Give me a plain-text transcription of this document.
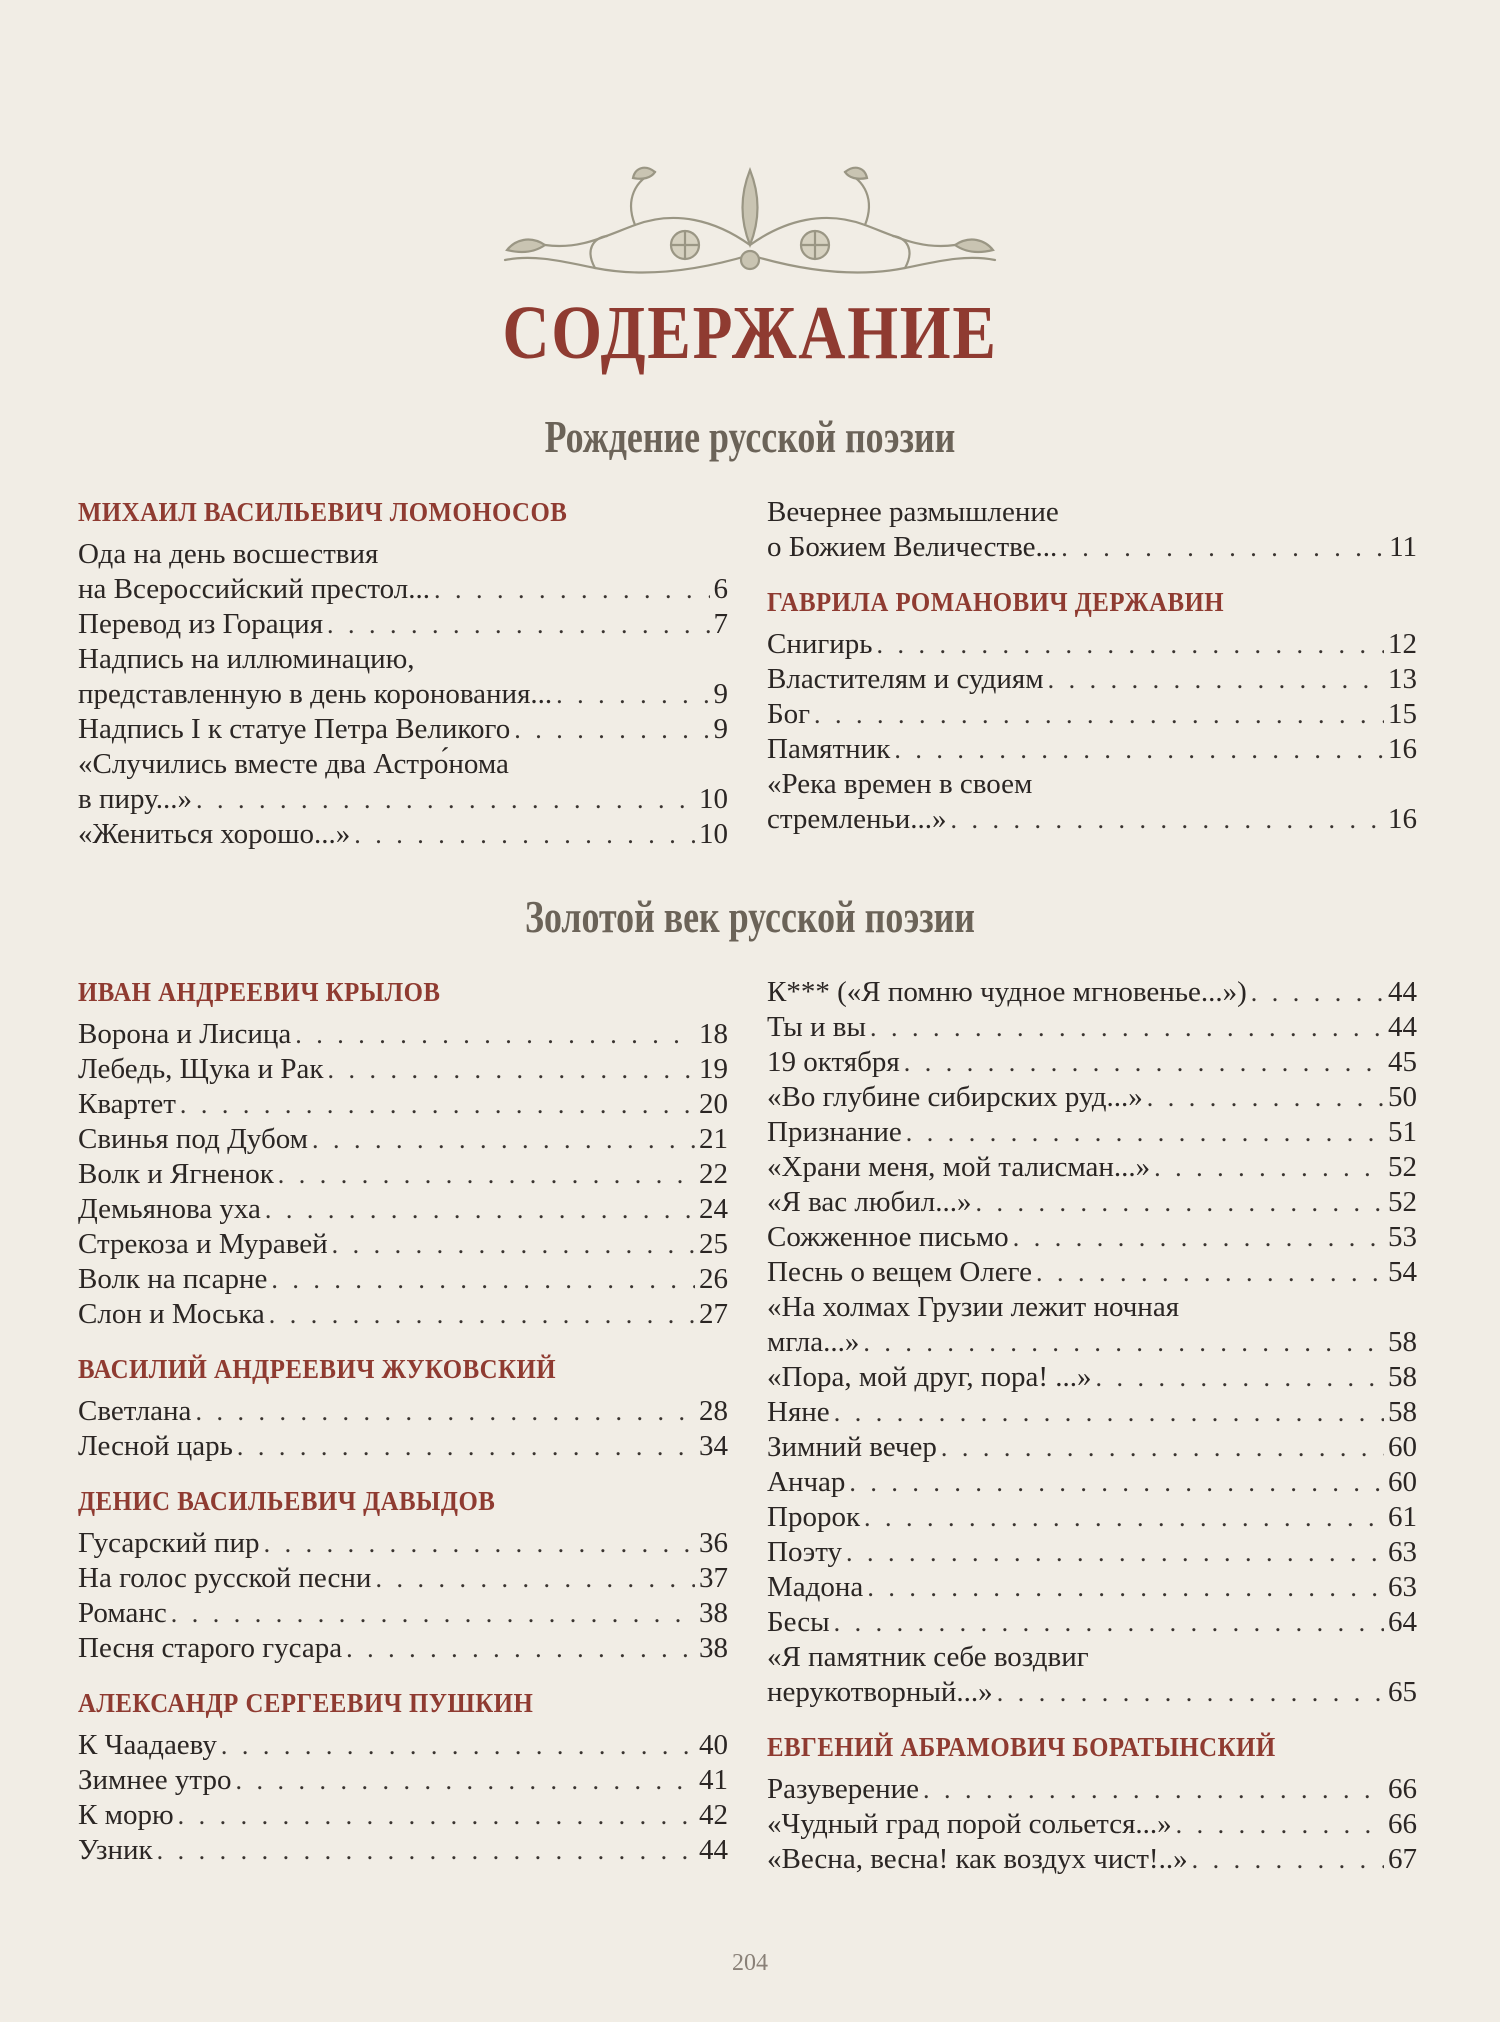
СОДЕРЖАНИЕ
Рождение русской поэзии
МИХАИЛ ВАСИЛЬЕВИЧ ЛОМОНОСОВ
Ода на день восшествия
на Всероссийский престол... . . .	6
Перевод из Горация . . .	7
Надпись на иллюминацию,
представленную в день коронования... . . .	9
Надпись I к статуе Петра Великого . . .	9
«Случились вместе два Астро́нома
в пиру...» . . .	10
«Жениться хорошо...» . . .	10
Вечернее размышление
о Божием Величестве... . . .	11
ГАВРИЛА РОМАНОВИЧ ДЕРЖАВИН
Снигирь . . .	12
Властителям и судиям . . .	13
Бог . . .	15
Памятник . . .	16
«Река времен в своем
стремленьи...» . . .	16
Золотой век русской поэзии
ИВАН АНДРЕЕВИЧ КРЫЛОВ
Ворона и Лисица . . .	18
Лебедь, Щука и Рак . . .	19
Квартет . . .	20
Свинья под Дубом . . .	21
Волк и Ягненок . . .	22
Демьянова уха . . .	24
Стрекоза и Муравей . . .	25
Волк на псарне . . .	26
Слон и Моська . . .	27
ВАСИЛИЙ АНДРЕЕВИЧ ЖУКОВСКИЙ
Светлана . . .	28
Лесной царь . . .	34
ДЕНИС ВАСИЛЬЕВИЧ ДАВЫДОВ
Гусарский пир . . .	36
На голос русской песни . . .	37
Романс . . .	38
Песня старого гусара . . .	38
АЛЕКСАНДР СЕРГЕЕВИЧ ПУШКИН
К Чаадаеву . . .	40
Зимнее утро . . .	41
К морю . . .	42
Узник . . .	44
К*** («Я помню чудное мгновенье...») . . .	44
Ты и вы . . .	44
19 октября . . .	45
«Во глубине сибирских руд...» . . .	50
Признание . . .	51
«Храни меня, мой талисман...» . . .	52
«Я вас любил...» . . .	52
Сожженное письмо . . .	53
Песнь о вещем Олеге . . .	54
«На холмах Грузии лежит ночная
мгла...» . . .	58
«Пора, мой друг, пора! ...» . . .	58
Няне . . .	58
Зимний вечер . . .	60
Анчар . . .	60
Пророк . . .	61
Поэту . . .	63
Мадона . . .	63
Бесы . . .	64
«Я памятник себе воздвиг
нерукотворный...» . . .	65
ЕВГЕНИЙ АБРАМОВИЧ БОРАТЫНСКИЙ
Разуверение . . .	66
«Чудный град порой сольется...» . . .	66
«Весна, весна! как воздух чист!..» . . .	67
204
